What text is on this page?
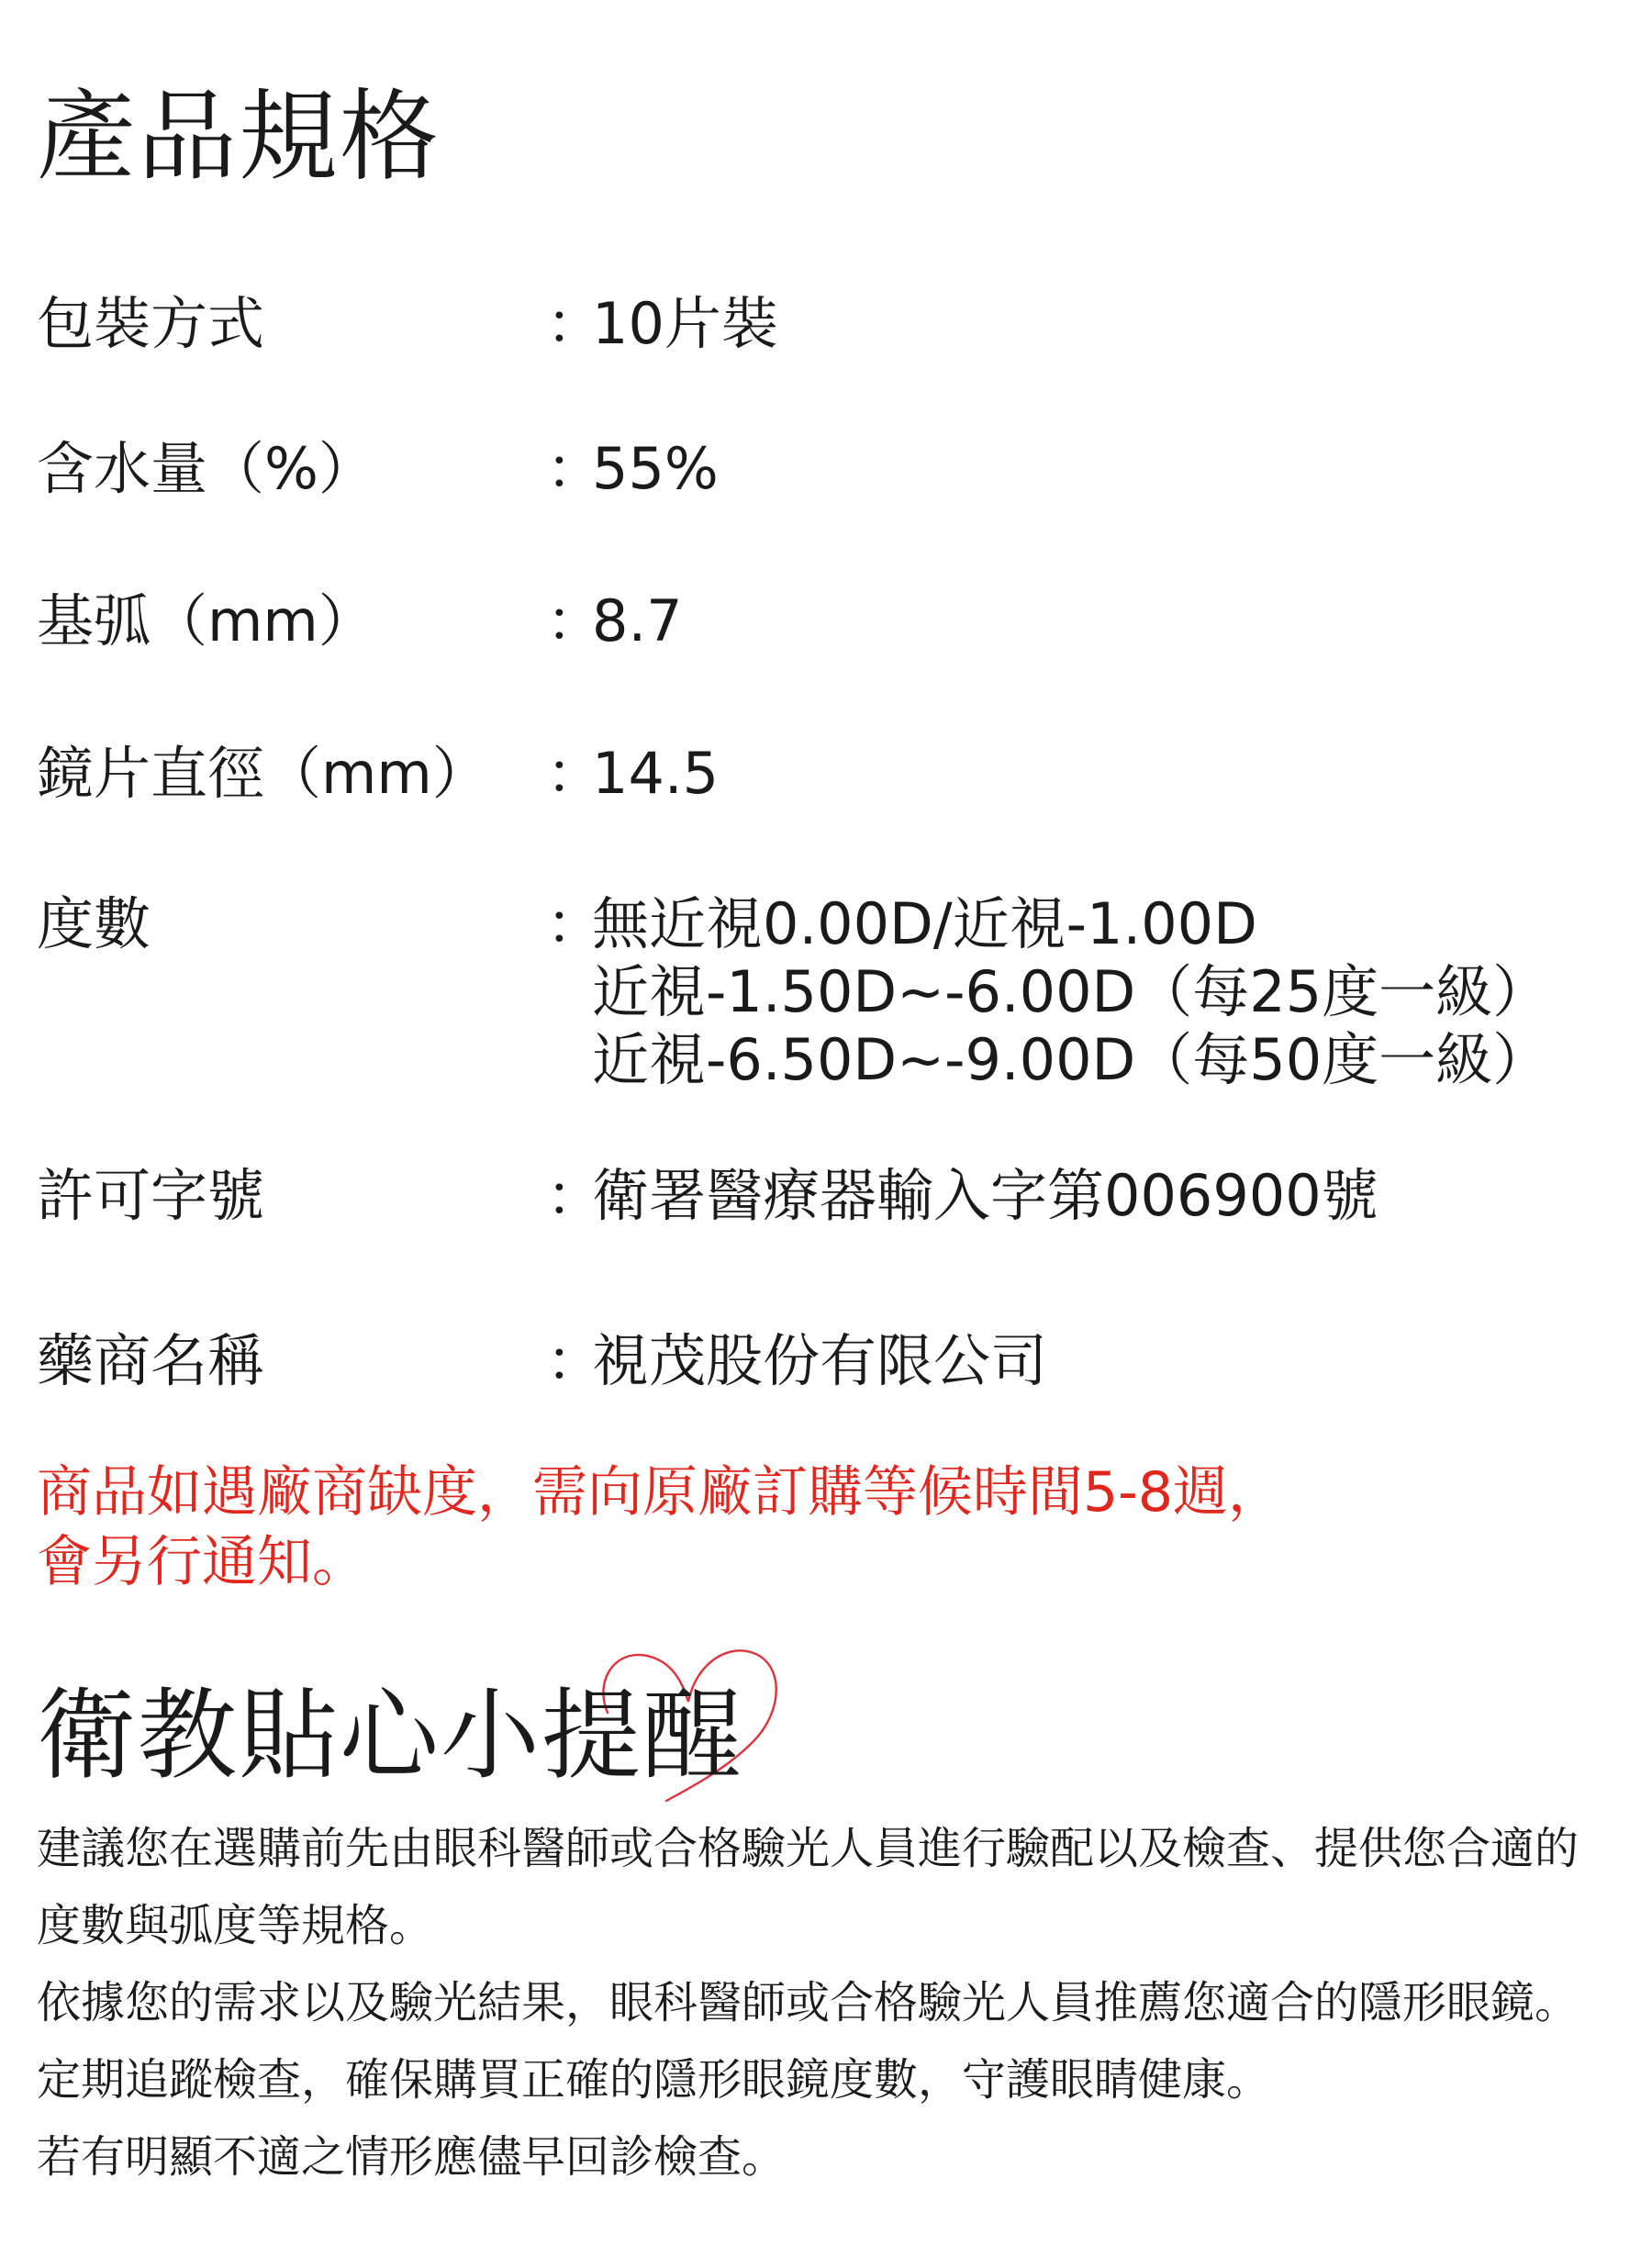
產品規格
包裝方式	：
10片裝
含水量（%）	：
55%
基弧（mm）	：
8.7
鏡片直徑（mm） ：
14.5
度數	：
無近視0.00D/近視-1.00D
近視-1.50D~-6.00D（每25度一級）
近視-6.50D~-9.00D（每50度一級）
許可字號	：
衛署醫療器輸入字第006900號
藥商名稱	：
視茂股份有限公司
商品如遇廠商缺度，需向原廠訂購等候時間5-8週，
會另行通知。
衛教貼心小提醒

建議您在選購前先由眼科醫師或合格驗光人員進行驗配以及檢查、提供您合適的

度數與弧度等規格。

依據您的需求以及驗光結果，眼科醫師或合格驗光人員推薦您適合的隱形眼鏡。

定期追蹤檢查，確保購買正確的隱形眼鏡度數，守護眼睛健康。

若有明顯不適之情形應儘早回診檢查。
